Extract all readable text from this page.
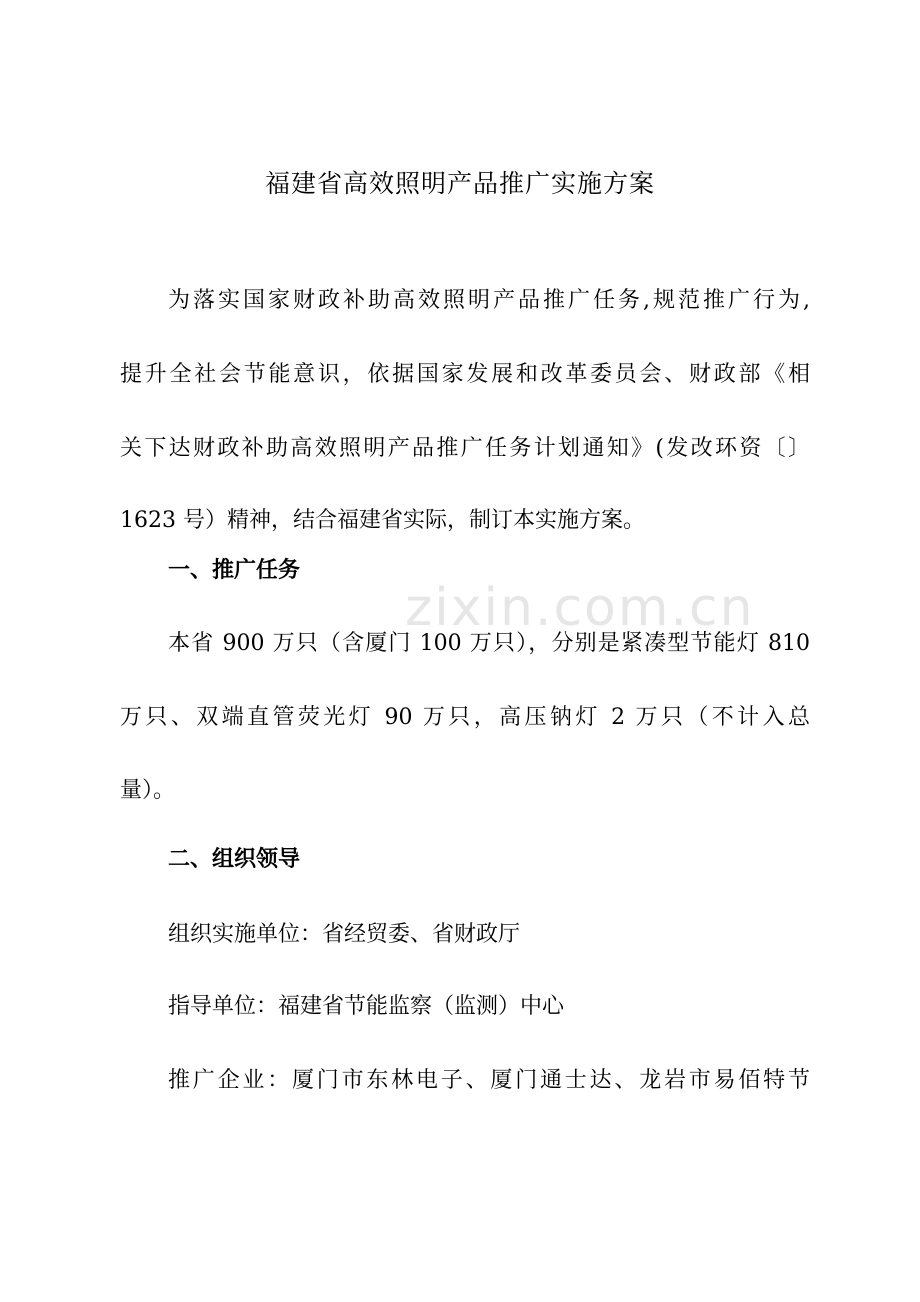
zixin.com.cn
福建省高效照明产品推广实施方案
为落实国家财政补助高效照明产品推广任务,规范推广行为,
提升全社会节能意识，依据国家发展和改革委员会、财政部《相
关下达财政补助高效照明产品推广任务计划通知》(发改环资〔〕
1623 号）精神，结合福建省实际，制订本实施方案。
一、推广任务
本省 900 万只（含厦门 100 万只），分别是紧凑型节能灯 810
万只、双端直管荧光灯 90 万只，高压钠灯 2 万只（不计入总
量）。
二、组织领导
组织实施单位：省经贸委、省财政厅
指导单位：福建省节能监察（监测）中心
推广企业：厦门市东林电子、厦门通士达、龙岩市易佰特节
